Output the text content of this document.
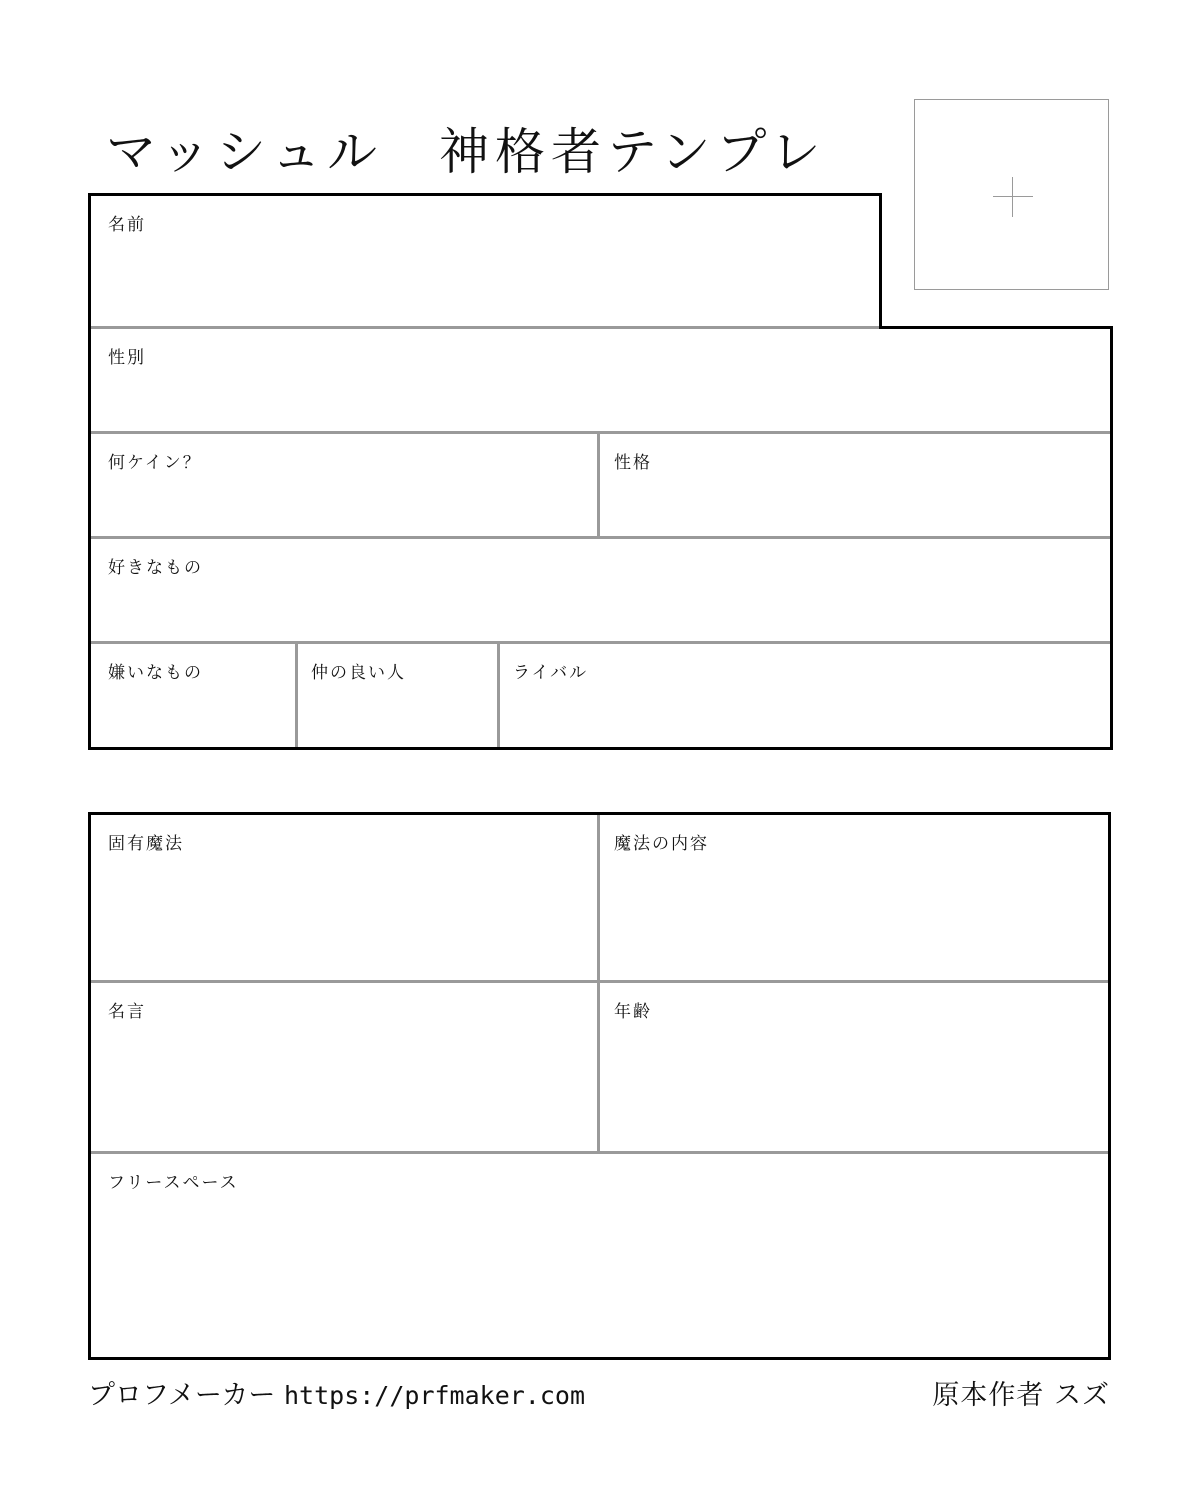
マッシュル　神格者テンプレ
名前
性別
何ケイン？	性格
好きなもの
嫌いなもの	仲の良い人	ライバル
固有魔法	魔法の内容
名言	年齢
フリースペース
プロフメーカー https://prfmaker.com	原本作者 スズ
